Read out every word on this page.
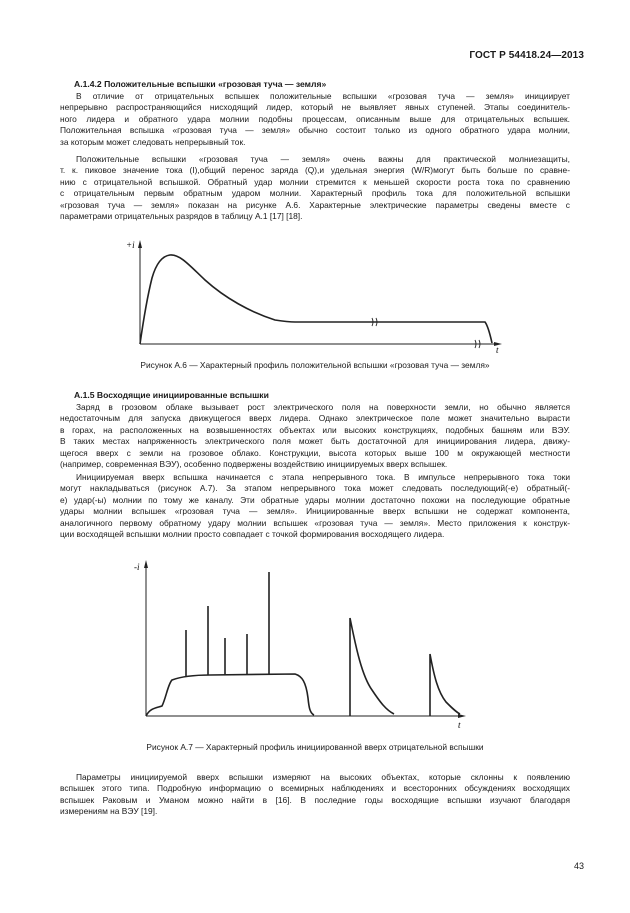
ГОСТ Р 54418.24—2013
А.1.4.2 Положительные вспышки «грозовая туча — земля»

В отличие от отрицательных вспышек положительные вспышки «грозовая туча — земля» инициирует
непрерывно распространяющийся нисходящий лидер, который не выявляет явных ступеней. Этапы соединитель-
ного лидера и обратного удара молнии подобны процессам, описанным выше для отрицательных вспышек.
Положительная вспышка «грозовая туча — земля» обычно состоит только из одного обратного удара молнии,
за которым может следовать непрерывный ток.

Положительные вспышки «грозовая туча — земля» очень важны для практической молниезащиты,
т. к. пиковое значение тока (I),общий перенос заряда (Q),и удельная энергия (W/R)могут быть больше по сравне-
нию с отрицательной вспышкой. Обратный удар молнии стремится к меньшей скорости роста тока по сравнению
с отрицательным первым обратным ударом молнии. Характерный профиль тока для положительной вспышки
«грозовая туча — земля» показан на рисунке А.6. Характерные электрические параметры сведены вместе с
параметрами отрицательных разрядов в таблицу А.1 [17] [18].

+i
t
Рисунок А.6 — Характерный профиль положительной вспышки «грозовая туча — земля»
А.1.5 Восходящие инициированные вспышки

Заряд в грозовом облаке вызывает рост электрического поля на поверхности земли, но обычно является
недостаточным для запуска движущегося вверх лидера. Однако электрическое поле может значительно вырасти
в горах, на расположенных на возвышенностях объектах или высоких конструкциях, подобных башням или ВЭУ.
В таких местах напряженность электрического поля может быть достаточной для инициирования лидера, движу-
щегося вверх с земли на грозовое облако. Конструкции, высота которых выше 100 м окружающей местности
(например, современная ВЭУ), особенно подвержены воздействию инициируемых вверх вспышек.

Инициируемая вверх вспышка начинается с этапа непрерывного тока. В импульсе непрерывного тока токи
могут накладываться (рисунок А.7). За этапом непрерывного тока может следовать последующий(-е) обратный(-
е) удар(-ы) молнии по тому же каналу. Эти обратные удары молнии достаточно похожи на последующие обратные
удары молнии вспышек «грозовая туча — земля». Инициированные вверх вспышки не содержат компонента,
аналогичного первому обратному удару молнии вспышек «грозовая туча — земля». Место приложения к конструк-
ции восходящей вспышки молнии просто совпадает с точкой формирования восходящего лидера.

-i
t
Рисунок А.7 — Характерный профиль инициированной вверх отрицательной вспышки

Параметры инициируемой вверх вспышки измеряют на высоких объектах, которые склонны к появлению
вспышек этого типа. Подробную информацию о всемирных наблюдениях и всесторонних обсуждениях восходящих
вспышек Раковым и Уманом можно найти в [16]. В последние годы восходящие вспышки изучают благодаря
измерениям на ВЭУ [19].

43
